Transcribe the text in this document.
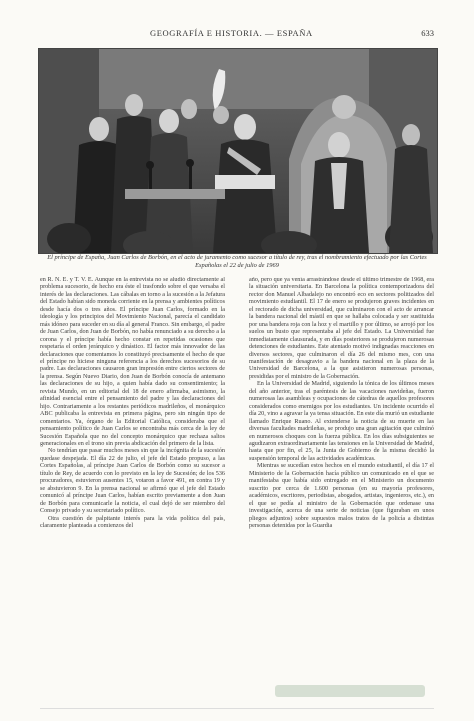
GEOGRAFÍA E HISTORIA. — ESPAÑA	633
El príncipe de España, Juan Carlos de Borbón, en el acto de juramento como sucesor a título de rey, tras el nombramiento efectuado por las Cortes Españolas el 22 de julio de 1969

en R. N. E. y T. V. E. Aunque en la entrevista no se aludió directamente al problema sucesorio, de hecho era éste el trasfondo sobre el que versaba el interés de las declaraciones. Las cábalas en torno a la sucesión a la Jefatura del Estado habían sido moneda corriente en la prensa y ambientes políticos desde hacía dos o tres años. El príncipe Juan Carlos, formado en la ideología y los principios del Movimiento Nacional, parecía el candidato más idóneo para suceder en su día al general Franco. Sin embargo, el padre de Juan Carlos, don Juan de Borbón, no había renunciado a su derecho a la corona y el príncipe había hecho constar en repetidas ocasiones que respetaría el orden jerárquico y dinástico. El factor más innovador de las declaraciones que comentamos lo constituyó precisamente el hecho de que el príncipe no hiciese ninguna referencia a los derechos sucesorios de su padre. Las declaraciones causaron gran impresión entre ciertos sectores de la prensa. Según Nuevo Diario, don Juan de Borbón conocía de antemano las declaraciones de su hijo, a quien había dado su consentimiento; la revista Mundo, en un editorial del 18 de enero afirmaba, asimismo, la afinidad esencial entre el pensamiento del padre y las declaraciones del hijo. Contrariamente a los restantes periódicos madrileños, el monárquico ABC publicaba la entrevista en primera página, pero sin ningún tipo de comentarios. Ya, órgano de la Editorial Católica, consideraba que el pensamiento político de Juan Carlos se encontraba más cerca de la ley de Sucesión Española que no del concepto monárquico que rechaza saltos generacionales en el trono sin previa abdicación del primero de la lista.

No tendrían que pasar muchos meses sin que la incógnita de la sucesión quedase despejada. El día 22 de julio, el jefe del Estado propuso, a las Cortes Españolas, al príncipe Juan Carlos de Borbón como su sucesor a título de Rey, de acuerdo con lo previsto en la ley de Sucesión; de los 536 procuradores, estuvieron ausentes 15, votaron a favor 491, en contra 19 y se abstuvieron 9. En la prensa nacional se afirmó que el jefe del Estado comunicó al príncipe Juan Carlos, habían escrito previamente a don Juan de Borbón para comunicarle la noticia, el cual dejó de ser miembro del Consejo privado y su secretariado político.

Otra cuestión de palpitante interés para la vida política del país, claramente planteada a comienzos del

año, pero que ya venía arrastrándose desde el último trimestre de 1968, era la situación universitaria. En Barcelona la política contemporizadora del rector don Manuel Albadalejo no encontró eco en sectores politizados del movimiento estudiantil. El 17 de enero se produjeron graves incidentes en el rectorado de dicha universidad, que culminaron con el acto de arrancar la bandera nacional del mástil en que se hallaba colocada y ser sustituida por una bandera roja con la hoz y el martillo y por último, se arrojó por los suelos un busto que representaba al jefe del Estado. La Universidad fue inmediatamente clausurada, y en días posteriores se produjeron numerosas detenciones de estudiantes. Este atentado motivó indignadas reacciones en diversos sectores, que culminaron el día 26 del mismo mes, con una manifestación de desagravio a la bandera nacional en la plaza de la Universidad de Barcelona, a la que asistieron numerosas personas, presididas por el ministro de la Gobernación.

En la Universidad de Madrid, siguiendo la tónica de los últimos meses del año anterior, tras el paréntesis de las vacaciones navideñas, fueron numerosas las asambleas y ocupaciones de cátedras de aquellos profesores considerados como enemigos por los estudiantes. Un incidente ocurrido el día 20, vino a agravar la ya tensa situación. En este día murió un estudiante llamado Enrique Ruano. Al extenderse la noticia de su muerte en las diversas facultades madrileñas, se produjo una gran agitación que culminó en numerosos choques con la fuerza pública. En los días subsiguientes se agudizaron extraordinariamente las tensiones en la Universidad de Madrid, hasta que por fin, el 25, la Junta de Gobierno de la misma decidió la suspensión temporal de las actividades académicas.

Mientras se sucedían estos hechos en el mundo estudiantil, el día 17 el Ministerio de la Gobernación hacía público un comunicado en el que se manifestaba que había sido entregado en el Ministerio un documento suscrito por cerca de 1.600 personas (en su mayoría profesores, académicos, escritores, periodistas, abogados, artistas, ingenieros, etc.), en el que se pedía al ministro de la Gobernación que ordenase una investigación, acerca de una serie de noticias (que figuraban en unos pliegos adjuntos) sobre supuestos malos tratos de la policía a distintas personas detenidas por la Guardia
